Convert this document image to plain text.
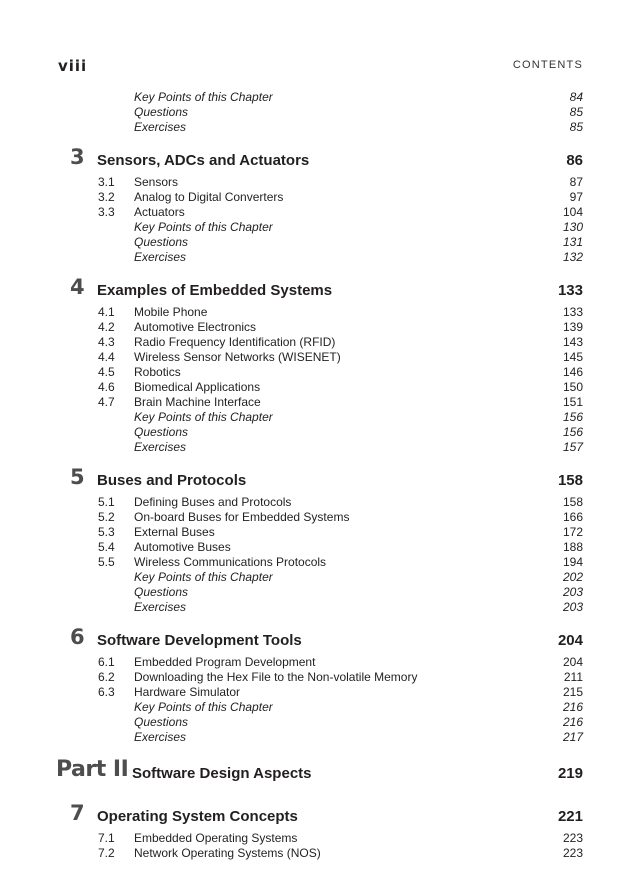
viii	CONTENTS
Key Points of this Chapter	84
Questions	85
Exercises	85
3 Sensors, ADCs and Actuators	86
3.1 Sensors	87
3.2 Analog to Digital Converters	97
3.3 Actuators	104
Key Points of this Chapter	130
Questions	131
Exercises	132
4 Examples of Embedded Systems	133
4.1 Mobile Phone	133
4.2 Automotive Electronics	139
4.3 Radio Frequency Identification (RFID)	143
4.4 Wireless Sensor Networks (WISENET)	145
4.5 Robotics	146
4.6 Biomedical Applications	150
4.7 Brain Machine Interface	151
Key Points of this Chapter	156
Questions	156
Exercises	157
5 Buses and Protocols	158
5.1 Defining Buses and Protocols	158
5.2 On-board Buses for Embedded Systems	166
5.3 External Buses	172
5.4 Automotive Buses	188
5.5 Wireless Communications Protocols	194
Key Points of this Chapter	202
Questions	203
Exercises	203
6 Software Development Tools	204
6.1 Embedded Program Development	204
6.2 Downloading the Hex File to the Non-volatile Memory	211
6.3 Hardware Simulator	215
Key Points of this Chapter	216
Questions	216
Exercises	217
Part II Software Design Aspects	219
7 Operating System Concepts	221
7.1 Embedded Operating Systems	223
7.2 Network Operating Systems (NOS)	223
